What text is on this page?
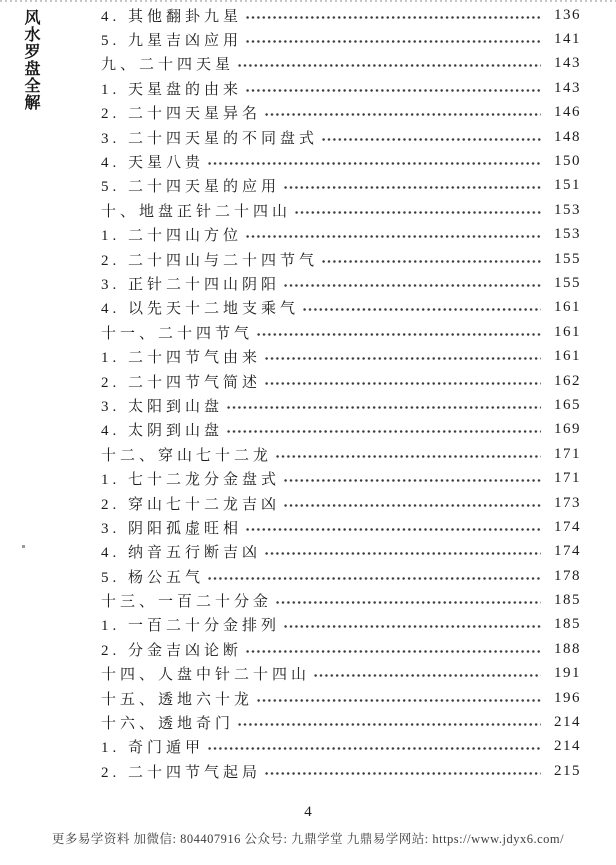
风水罗盘全解	4. 其他翻卦九星	136
5. 九星吉凶应用	141
九、二十四天星	143
1. 天星盘的由来	143
2. 二十四天星异名	146
3. 二十四天星的不同盘式	148
4. 天星八贵	150
5. 二十四天星的应用	151
十、地盘正针二十四山	153
1. 二十四山方位	153
2. 二十四山与二十四节气	155
3. 正针二十四山阴阳	155
4. 以先天十二地支乘气	161
十一、二十四节气	161
1. 二十四节气由来	161
2. 二十四节气简述	162
3. 太阳到山盘	165
4. 太阴到山盘	169
十二、穿山七十二龙	171
1. 七十二龙分金盘式	171
2. 穿山七十二龙吉凶	173
3. 阴阳孤虚旺相	174
4. 纳音五行断吉凶	174
5. 杨公五气	178
十三、一百二十分金	185
1. 一百二十分金排列	185
2. 分金吉凶论断	188
十四、人盘中针二十四山	191
十五、透地六十龙	196
十六、透地奇门	214
1. 奇门遁甲	214
2. 二十四节气起局	215
4
更多易学资料 加微信: 804407916 公众号: 九鼎学堂 九鼎易学网站: https://www.jdyx6.com/
